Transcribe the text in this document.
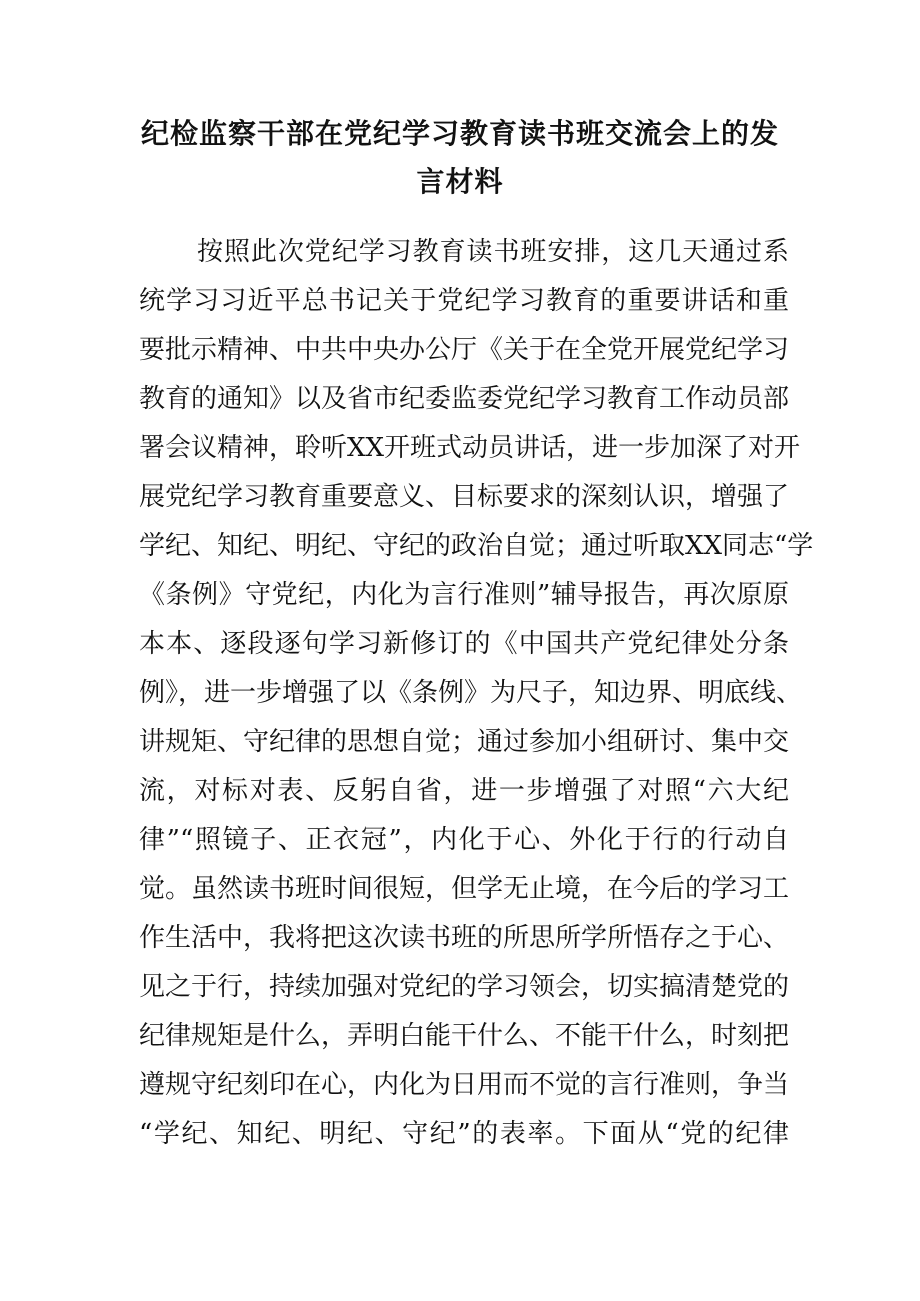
纪检监察干部在党纪学习教育读书班交流会上的发
言材料
按照此次党纪学习教育读书班安排，这几天通过系
统学习习近平总书记关于党纪学习教育的重要讲话和重
要批示精神、中共中央办公厅《关于在全党开展党纪学习
教育的通知》以及省市纪委监委党纪学习教育工作动员部
署会议精神，聆听XX开班式动员讲话，进一步加深了对开
展党纪学习教育重要意义、目标要求的深刻认识，增强了
学纪、知纪、明纪、守纪的政治自觉；通过听取XX同志“学
《条例》守党纪，内化为言行准则”辅导报告，再次原原
本本、逐段逐句学习新修订的《中国共产党纪律处分条
例》，进一步增强了以《条例》为尺子，知边界、明底线、
讲规矩、守纪律的思想自觉；通过参加小组研讨、集中交
流，对标对表、反躬自省，进一步增强了对照“六大纪
律”“照镜子、正衣冠”，内化于心、外化于行的行动自
觉。虽然读书班时间很短，但学无止境，在今后的学习工
作生活中，我将把这次读书班的所思所学所悟存之于心、
见之于行，持续加强对党纪的学习领会，切实搞清楚党的
纪律规矩是什么，弄明白能干什么、不能干什么，时刻把
遵规守纪刻印在心，内化为日用而不觉的言行准则，争当
“学纪、知纪、明纪、守纪”的表率。下面从“党的纪律
